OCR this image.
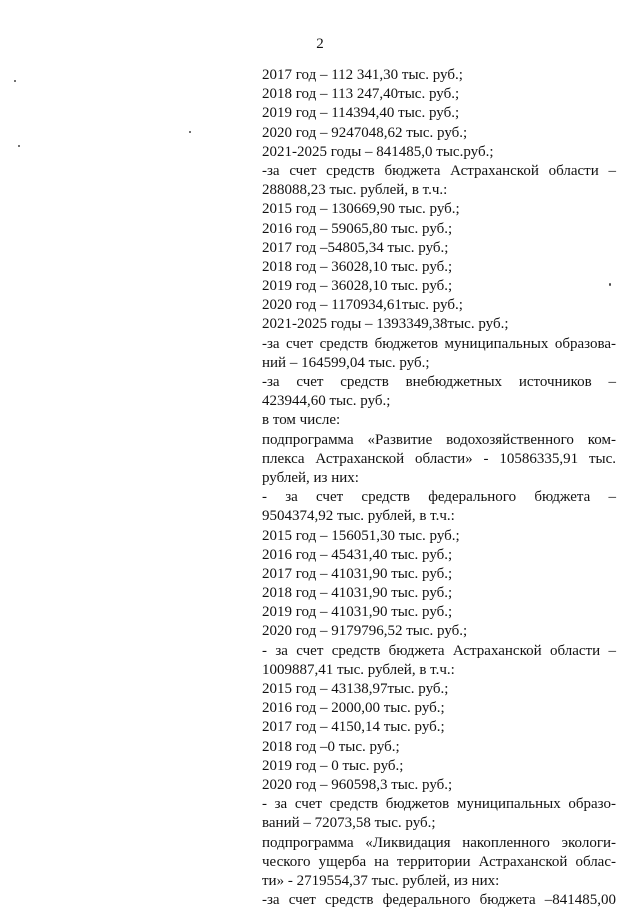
2
2017 год – 112 341,30 тыс. руб.;
2018 год – 113 247,40тыс. руб.;
2019 год – 114394,40 тыс. руб.;
2020 год – 9247048,62 тыс. руб.;
2021-2025 годы – 841485,0 тыс.руб.;
-за счет средств бюджета Астраханской области –
288088,23 тыс. рублей, в т.ч.:
2015 год – 130669,90 тыс. руб.;
2016 год – 59065,80 тыс. руб.;
2017 год –54805,34 тыс. руб.;
2018 год – 36028,10 тыс. руб.;
2019 год – 36028,10 тыс. руб.;
2020 год – 1170934,61тыс. руб.;
2021-2025 годы – 1393349,38тыс. руб.;
-за счет средств бюджетов муниципальных образова-
ний – 164599,04 тыс. руб.;
-за счет средств внебюджетных источников –
423944,60 тыс. руб.;
в том числе:
подпрограмма «Развитие водохозяйственного ком-
плекса Астраханской области» - 10586335,91 тыс.
рублей, из них:
- за счет средств федерального бюджета –
9504374,92 тыс. рублей, в т.ч.:
2015 год – 156051,30 тыс. руб.;
2016 год – 45431,40 тыс. руб.;
2017 год – 41031,90 тыс. руб.;
2018 год – 41031,90 тыс. руб.;
2019 год – 41031,90 тыс. руб.;
2020 год – 9179796,52 тыс. руб.;
- за счет средств бюджета Астраханской области –
1009887,41 тыс. рублей, в т.ч.:
2015 год – 43138,97тыс. руб.;
2016 год – 2000,00 тыс. руб.;
2017 год – 4150,14 тыс. руб.;
2018 год –0 тыс. руб.;
2019 год – 0 тыс. руб.;
2020 год – 960598,3 тыс. руб.;
- за счет средств бюджетов муниципальных образо-
ваний – 72073,58 тыс. руб.;
подпрограмма «Ликвидация накопленного экологи-
ческого ущерба на территории Астраханской облас-
ти» - 2719554,37 тыс. рублей, из них:
-за счет средств федерального бюджета –841485,00
